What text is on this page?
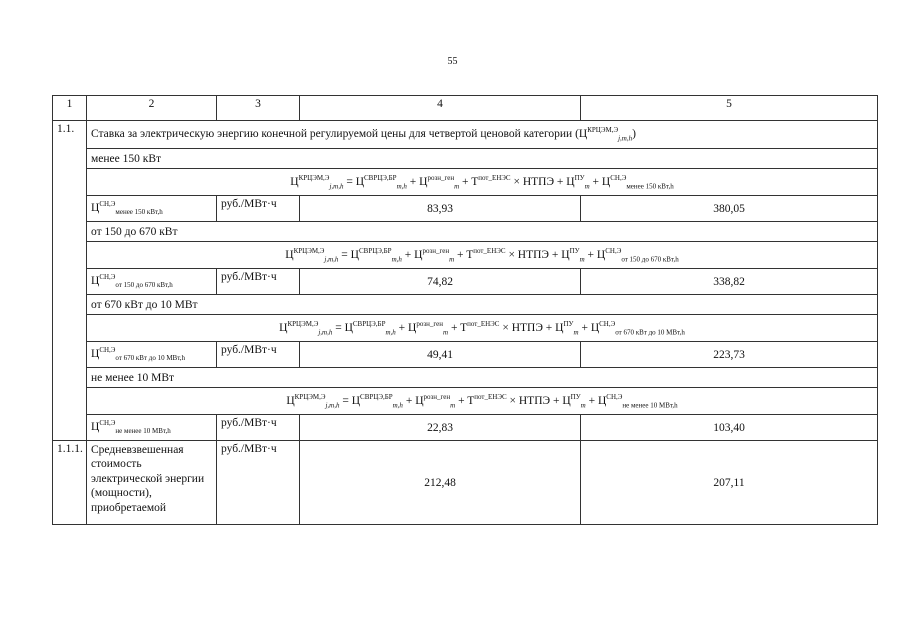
55
1	2	3	4	5
1.1.	Ставка за электрическую энергию конечной регулируемой цены для четвертой ценовой категории $(Ц^{КРЦЭМ,Э}_{j,m,h})$			
	менее 150 кВт			
	$Ц^{КРЦЭМ,Э}_{j,m,h} = Ц^{СВРЦЭ,БР}_{m,h} + Ц^{розн\_ген}_m + T^{пот\_ЕНЭС}$ × НТПЭ + $Ц^{ПУ}_m + Ц^{СН,Э}_{менее 150 кВт,h}$
	$Ц^{СН,Э}_{менее 150 кВт,h}$	руб./МВт·ч	83,93	380,05
	от 150 до 670 кВт			
	$Ц^{КРЦЭМ,Э}_{j,m,h} = Ц^{СВРЦЭ,БР}_{m,h} + Ц^{розн\_ген}_m + T^{пот\_ЕНЭС}$ × НТПЭ + $Ц^{ПУ}_m + Ц^{СН,Э}_{от 150 до 670 кВт,h}$
	$Ц^{СН,Э}_{от 150 до 670 кВт,h}$	руб./МВт·ч	74,82	338,82
	от 670 кВт до 10 МВт			
	$Ц^{КРЦЭМ,Э}_{j,m,h} = Ц^{СВРЦЭ,БР}_{m,h} + Ц^{розн\_ген}_m + T^{пот\_ЕНЭС}$ × НТПЭ + $Ц^{ПУ}_m + Ц^{СН,Э}_{от 670 кВт до 10 МВт,h}$
	$Ц^{СН,Э}_{от 670 кВт до 10 МВт,h}$	руб./МВт·ч	49,41	223,73
	не менее 10 МВт			
	$Ц^{КРЦЭМ,Э}_{j,m,h} = Ц^{СВРЦЭ,БР}_{m,h} + Ц^{розн\_ген}_m + T^{пот\_ЕНЭС}$ × НТПЭ + $Ц^{ПУ}_m + Ц^{СН,Э}_{не менее 10 МВт,h}$
	$Ц^{СН,Э}_{не менее 10 МВт,h}$	руб./МВт·ч	22,83	103,40
1.1.1.	Средневзвешенная стоимость электрической энергии (мощности), приобретаемой	руб./МВт·ч	212,48	207,11
